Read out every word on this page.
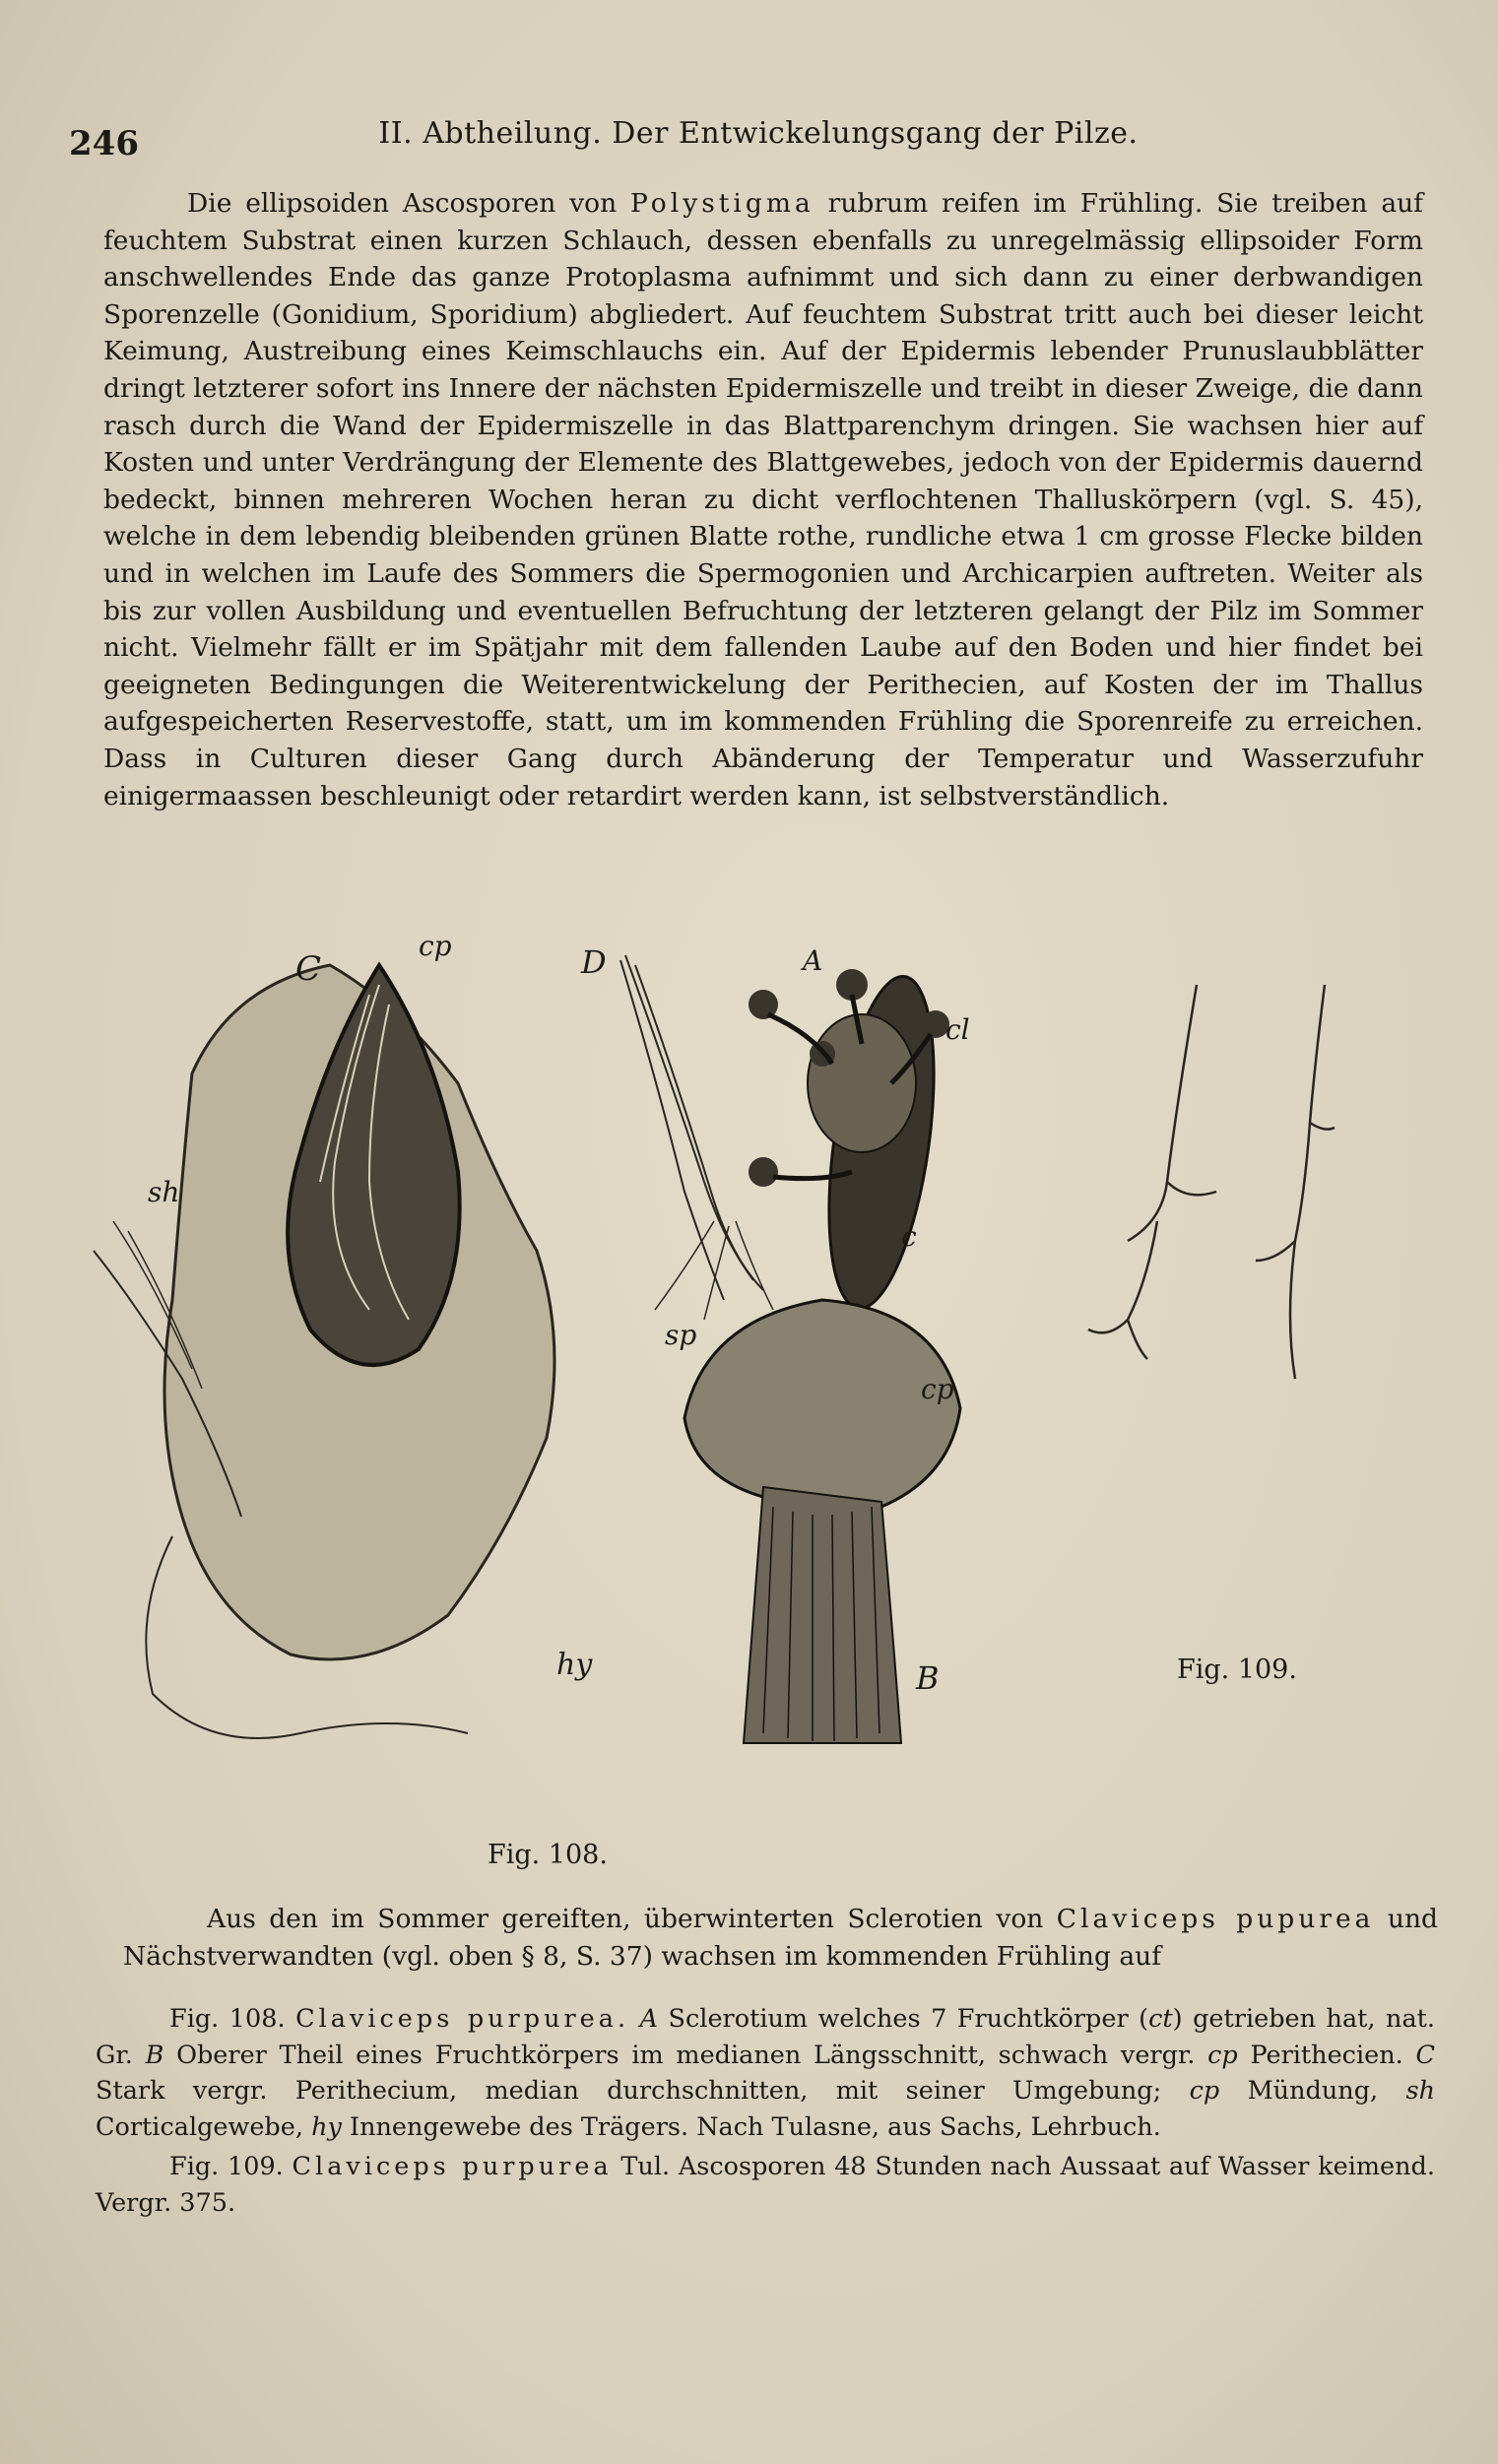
246	II. Abtheilung. Der Entwickelungsgang der Pilze.

Die ellipsoiden Ascosporen von Polystigma rubrum reifen im Frühling. Sie treiben auf feuchtem Substrat einen kurzen Schlauch, dessen ebenfalls zu unregelmässig ellipsoider Form anschwellendes Ende das ganze Protoplasma aufnimmt und sich dann zu einer derbwandigen Sporenzelle (Gonidium, Sporidium) abgliedert. Auf feuchtem Substrat tritt auch bei dieser leicht Keimung, Austreibung eines Keimschlauchs ein. Auf der Epidermis lebender Prunuslaubblätter dringt letzterer sofort ins Innere der nächsten Epidermiszelle und treibt in dieser Zweige, die dann rasch durch die Wand der Epidermiszelle in das Blattparenchym dringen. Sie wachsen hier auf Kosten und unter Verdrängung der Elemente des Blattgewebes, jedoch von der Epidermis dauernd bedeckt, binnen mehreren Wochen heran zu dicht verflochtenen Thalluskörpern (vgl. S. 45), welche in dem lebendig bleibenden grünen Blatte rothe, rundliche etwa 1 cm grosse Flecke bilden und in welchen im Laufe des Sommers die Spermogonien und Archicarpien auftreten. Weiter als bis zur vollen Ausbildung und eventuellen Befruchtung der letzteren gelangt der Pilz im Sommer nicht. Vielmehr fällt er im Spätjahr mit dem fallenden Laube auf den Boden und hier findet bei geeigneten Bedingungen die Weiterentwickelung der Perithecien, auf Kosten der im Thallus aufgespeicherten Reservestoffe, statt, um im kommenden Frühling die Sporenreife zu erreichen. Dass in Culturen dieser Gang durch Abänderung der Temperatur und Wasserzufuhr einigermaassen beschleunigt oder retardirt werden kann, ist selbstverständlich.

C
cp	D	A
cl
sh
c
sp
cp
hy	B
Fig. 108.
Fig. 109.

Aus den im Sommer gereiften, überwinterten Sclerotien von Claviceps pupurea und Nächstverwandten (vgl. oben § 8, S. 37) wachsen im kommenden Frühling auf

Fig. 108. Claviceps purpurea. A Sclerotium welches 7 Fruchtkörper (ct) getrieben hat, nat. Gr. B Oberer Theil eines Fruchtkörpers im medianen Längsschnitt, schwach vergr. cp Perithecien. C Stark vergr. Perithecium, median durchschnitten, mit seiner Umgebung; cp Mündung, sh Corticalgewebe, hy Innengewebe des Trägers. Nach Tulasne, aus Sachs, Lehrbuch.

Fig. 109. Claviceps purpurea Tul. Ascosporen 48 Stunden nach Aussaat auf Wasser keimend. Vergr. 375.
